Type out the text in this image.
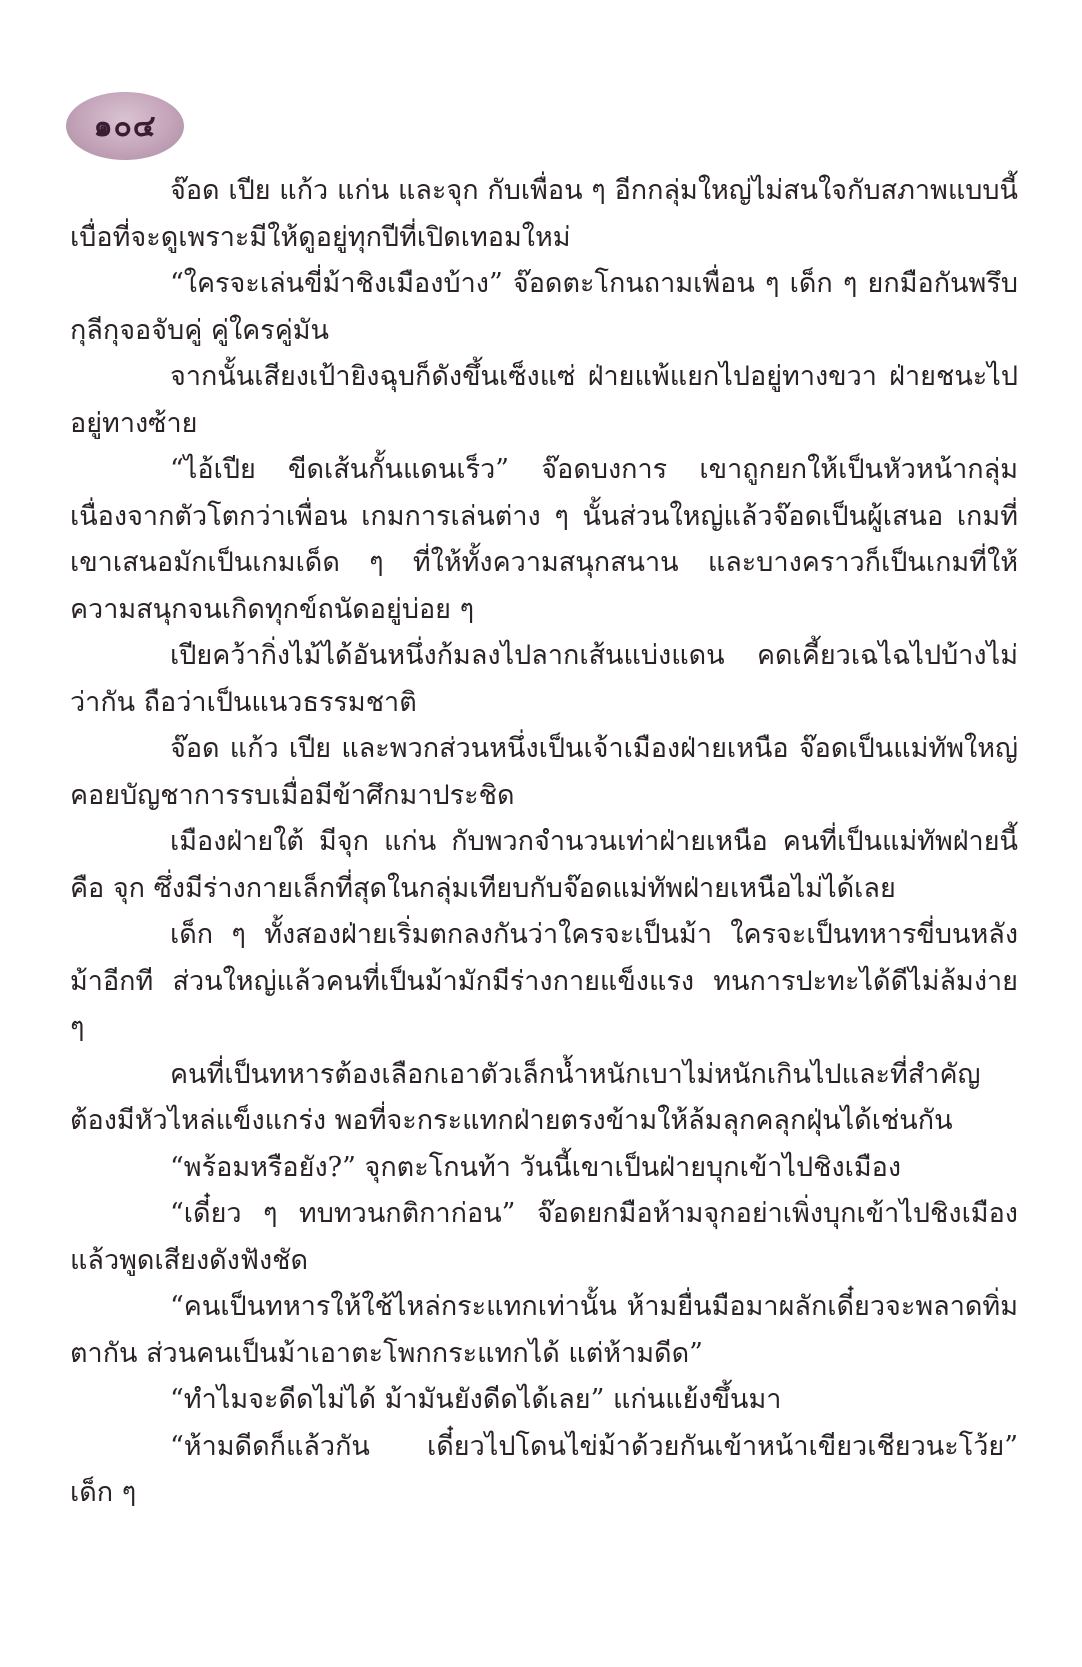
๑๐๔

จ๊อด เปีย แก้ว แก่น และจุก กับเพื่อน ๆ อีกกลุ่มใหญ่ไม่สนใจกับสภาพแบบนี้ เบื่อที่จะดูเพราะมีให้ดูอยู่ทุกปีที่เปิดเทอมใหม่

“ใครจะเล่นขี่ม้าชิงเมืองบ้าง” จ๊อดตะโกนถามเพื่อน ๆ เด็ก ๆ ยกมือกันพรึบ กุลีกุจอจับคู่ คู่ใครคู่มัน

จากนั้นเสียงเป้ายิงฉุบก็ดังขึ้นเซ็งแซ่ ฝ่ายแพ้แยกไปอยู่ทางขวา ฝ่ายชนะไปอยู่ทางซ้าย

“ไอ้เปีย ขีดเส้นกั้นแดนเร็ว” จ๊อดบงการ เขาถูกยกให้เป็นหัวหน้ากลุ่ม เนื่องจากตัวโตกว่าเพื่อน เกมการเล่นต่าง ๆ นั้นส่วนใหญ่แล้วจ๊อดเป็นผู้เสนอ เกมที่เขาเสนอมักเป็นเกมเด็ด ๆ ที่ให้ทั้งความสนุกสนาน และบางคราวก็เป็นเกมที่ให้ความสนุกจนเกิดทุกข์ถนัดอยู่บ่อย ๆ

เปียคว้ากิ่งไม้ได้อันหนึ่งก้มลงไปลากเส้นแบ่งแดน คดเคี้ยวเฉไฉไปบ้างไม่ว่ากัน ถือว่าเป็นแนวธรรมชาติ

จ๊อด แก้ว เปีย และพวกส่วนหนึ่งเป็นเจ้าเมืองฝ่ายเหนือ จ๊อดเป็นแม่ทัพใหญ่ คอยบัญชาการรบเมื่อมีข้าศึกมาประชิด

เมืองฝ่ายใต้ มีจุก แก่น กับพวกจำนวนเท่าฝ่ายเหนือ คนที่เป็นแม่ทัพฝ่ายนี้ คือ จุก ซึ่งมีร่างกายเล็กที่สุดในกลุ่มเทียบกับจ๊อดแม่ทัพฝ่ายเหนือไม่ได้เลย

เด็ก ๆ ทั้งสองฝ่ายเริ่มตกลงกันว่าใครจะเป็นม้า ใครจะเป็นทหารขี่บนหลังม้าอีกที ส่วนใหญ่แล้วคนที่เป็นม้ามักมีร่างกายแข็งแรง ทนการปะทะได้ดีไม่ล้มง่าย ๆ

คนที่เป็นทหารต้องเลือกเอาตัวเล็กน้ำหนักเบาไม่หนักเกินไปและที่สำคัญ ต้องมีหัวไหล่แข็งแกร่ง พอที่จะกระแทกฝ่ายตรงข้ามให้ล้มลุกคลุกฝุ่นได้เช่นกัน

“พร้อมหรือยัง?” จุกตะโกนท้า วันนี้เขาเป็นฝ่ายบุกเข้าไปชิงเมือง

“เดี๋ยว ๆ ทบทวนกติกาก่อน” จ๊อดยกมือห้ามจุกอย่าเพิ่งบุกเข้าไปชิงเมือง แล้วพูดเสียงดังฟังชัด

“คนเป็นทหารให้ใช้ไหล่กระแทกเท่านั้น ห้ามยื่นมือมาผลักเดี๋ยวจะพลาดทิ่มตากัน ส่วนคนเป็นม้าเอาตะโพกกระแทกได้ แต่ห้ามดีด”

“ทำไมจะดีดไม่ได้ ม้ามันยังดีดได้เลย” แก่นแย้งขึ้นมา

“ห้ามดีดก็แล้วกัน เดี๋ยวไปโดนไข่ม้าด้วยกันเข้าหน้าเขียวเชียวนะโว้ย” เด็ก ๆ
